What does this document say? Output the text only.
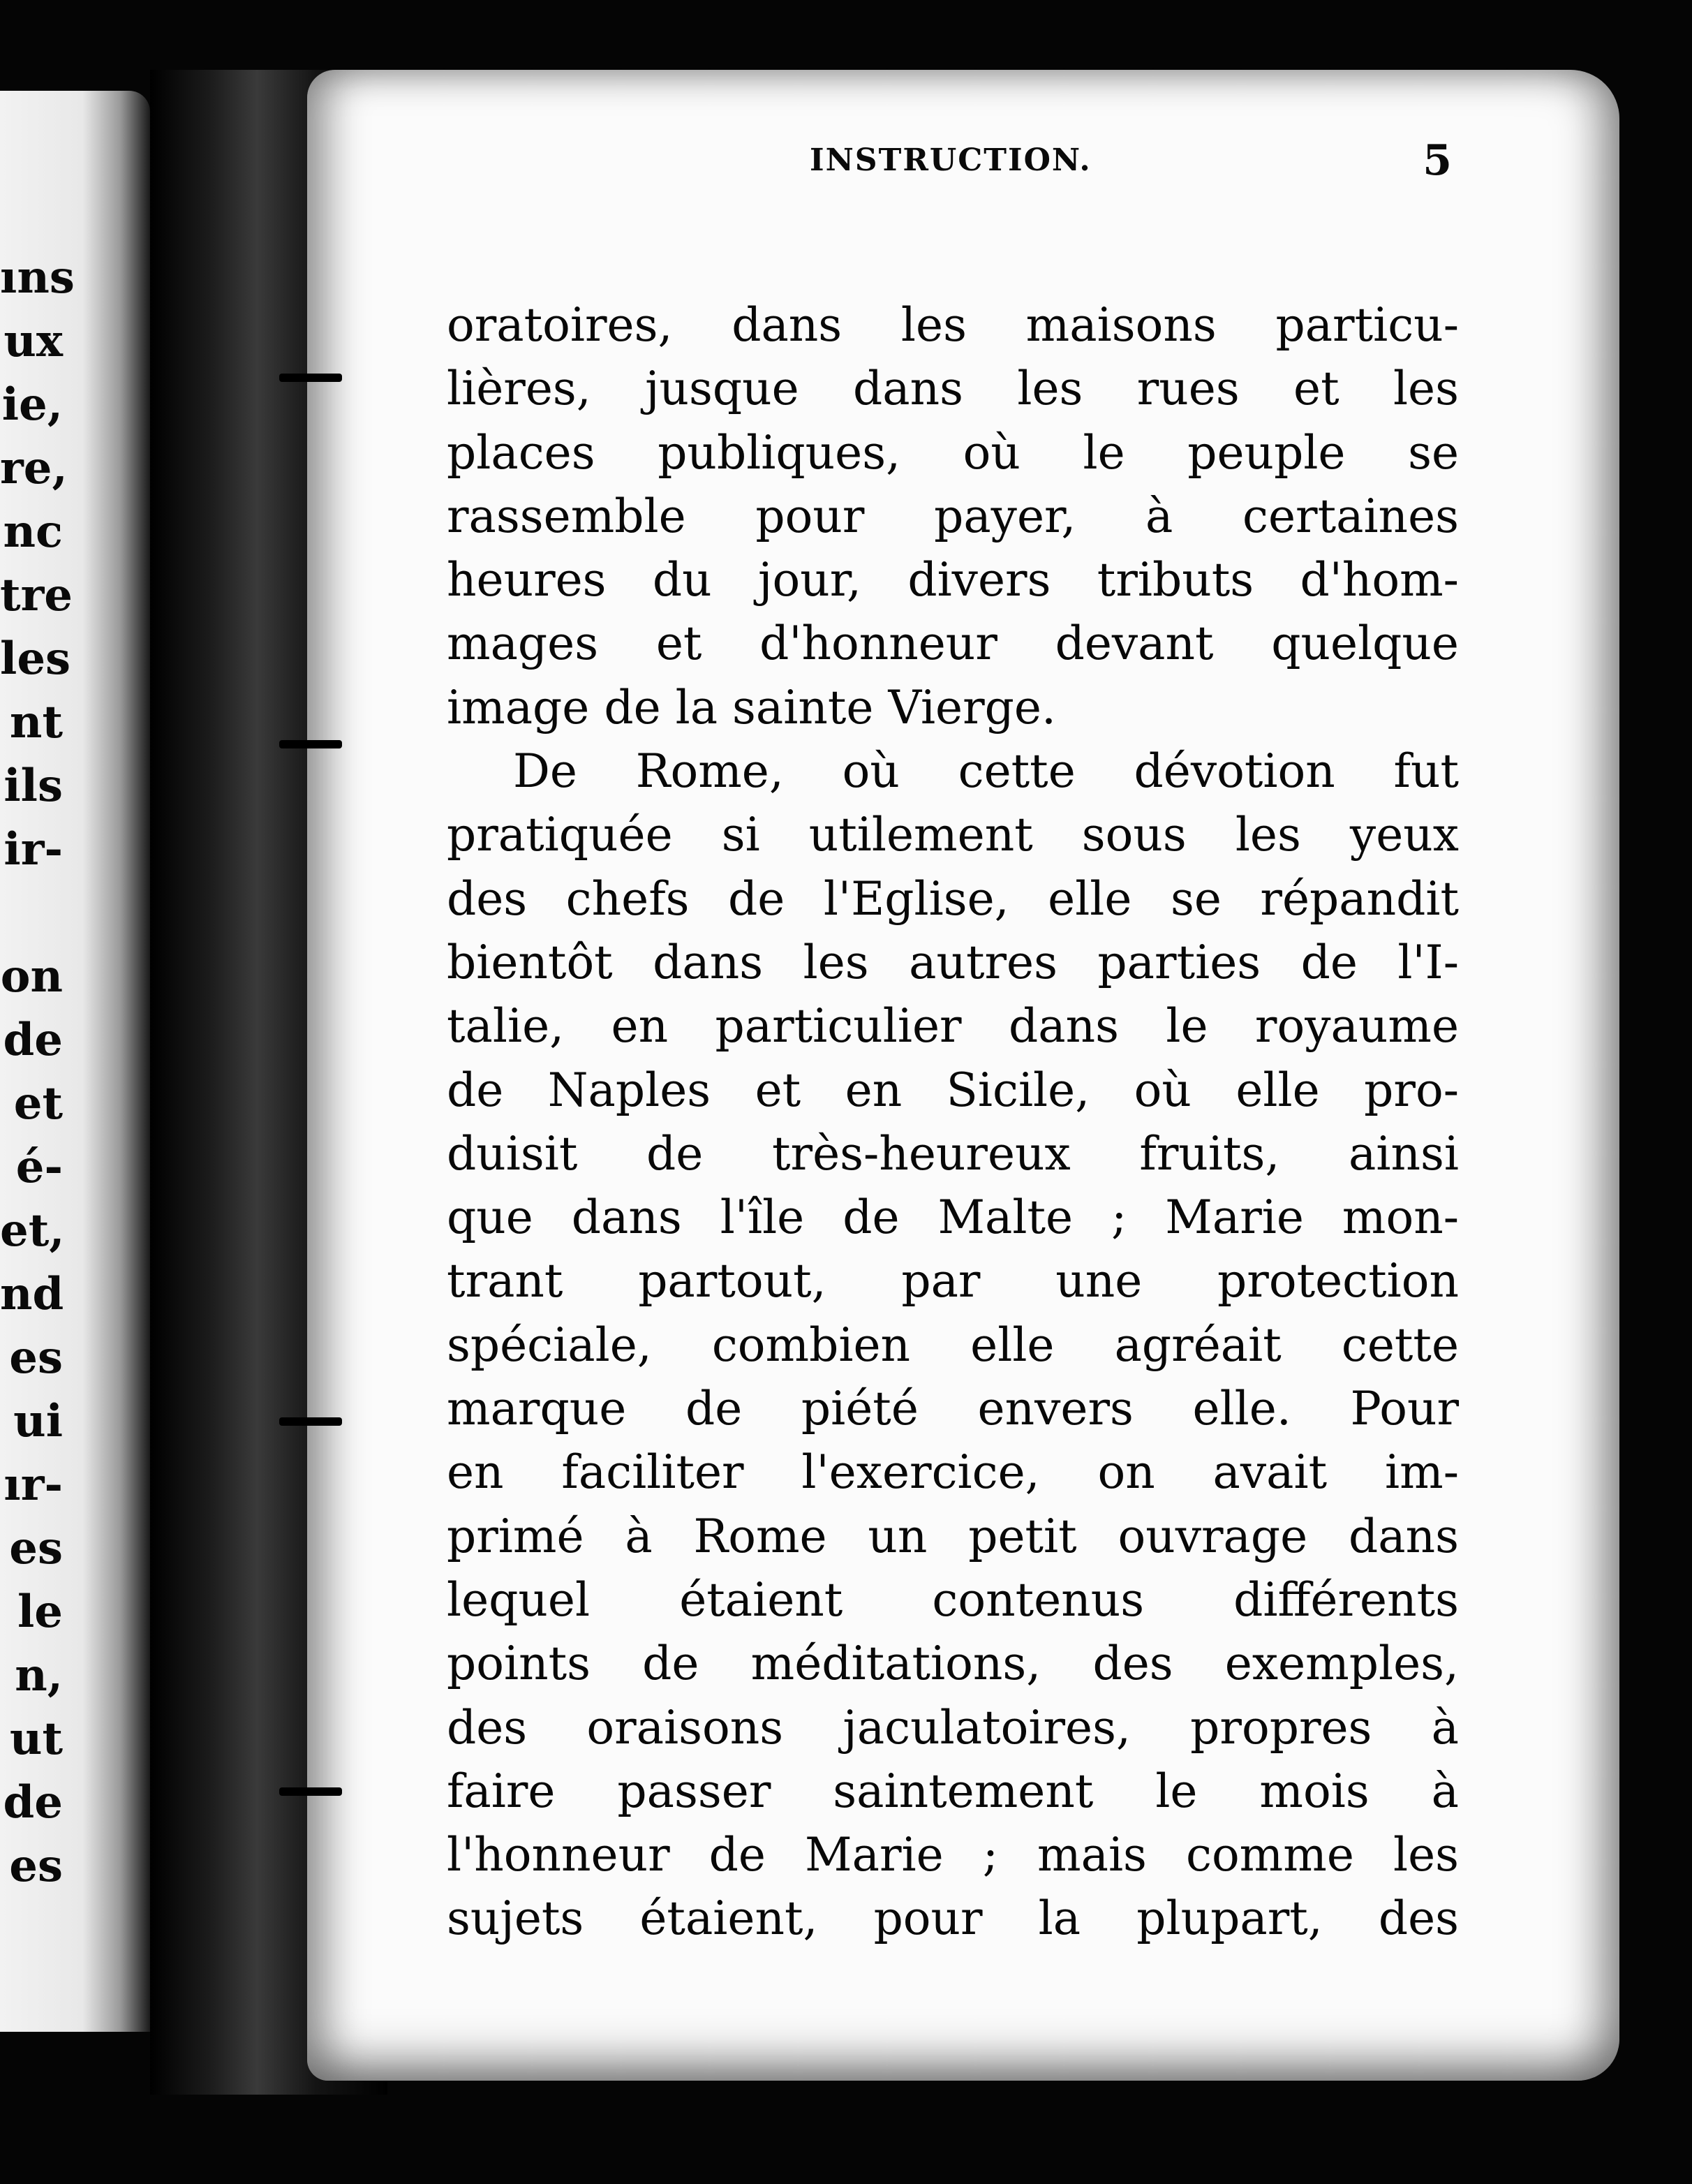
ıns
ux
ie,
re,
nc
tre
les
nt
ils
ir-
on
de
et
é-
et,
nd
es
ui
ır-
es
le
n,
ut
de
es
INSTRUCTION.	5
oratoires, dans les maisons particu-
lières, jusque dans les rues et les
places publiques, où le peuple se
rassemble pour payer, à certaines
heures du jour, divers tributs d'hom-
mages et d'honneur devant quelque
image de la sainte Vierge.
De Rome, où cette dévotion fut
pratiquée si utilement sous les yeux
des chefs de l'Eglise, elle se répandit
bientôt dans les autres parties de l'I-
talie, en particulier dans le royaume
de Naples et en Sicile, où elle pro-
duisit de très-heureux fruits, ainsi
que dans l'île de Malte ; Marie mon-
trant partout, par une protection
spéciale, combien elle agréait cette
marque de piété envers elle. Pour
en faciliter l'exercice, on avait im-
primé à Rome un petit ouvrage dans
lequel étaient contenus différents
points de méditations, des exemples,
des oraisons jaculatoires, propres à
faire passer saintement le mois à
l'honneur de Marie ; mais comme les
sujets étaient, pour la plupart, des
